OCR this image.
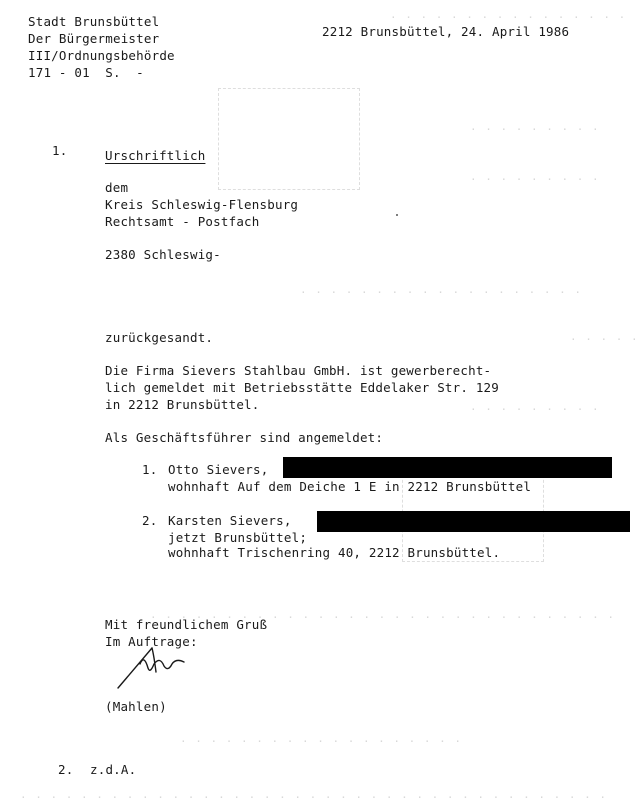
. . . . . . . . . . . . . . . .
. . . . . . . . .
. . . . . . . . .
. . . . . . . . . . . . . . . . . . .
. . . . .
. . . . . . . . .
. . . . . . . . . . . . . . . . . . . . . . . . . . . . . . .
. . . . . . . . . . . . . . . . . . .
. . . . . . . . . . . . . . . . . . . . . . . . . . . . . . . . . . . . . . .
Stadt Brunsbüttel
Der Bürgermeister
III/Ordnungsbehörde
171 - 01  S.  -
2212 Brunsbüttel, 24. April 1986
1.	Urschriftlich
dem
Kreis Schleswig-Flensburg
Rechtsamt - Postfach
2380 Schleswig-
zurückgesandt.
Die Firma Sievers Stahlbau GmbH. ist gewerberecht-
lich gemeldet mit Betriebsstätte Eddelaker Str. 129
in 2212 Brunsbüttel.
Als Geschäftsführer sind angemeldet:
1. Otto Sievers,
wohnhaft Auf dem Deiche 1 E in 2212 Brunsbüttel
2. Karsten Sievers,
jetzt Brunsbüttel;
wohnhaft Trischenring 40, 2212 Brunsbüttel.
Mit freundlichem Gruß
Im Auftrage:
(Mahlen)
2. z.d.A.
